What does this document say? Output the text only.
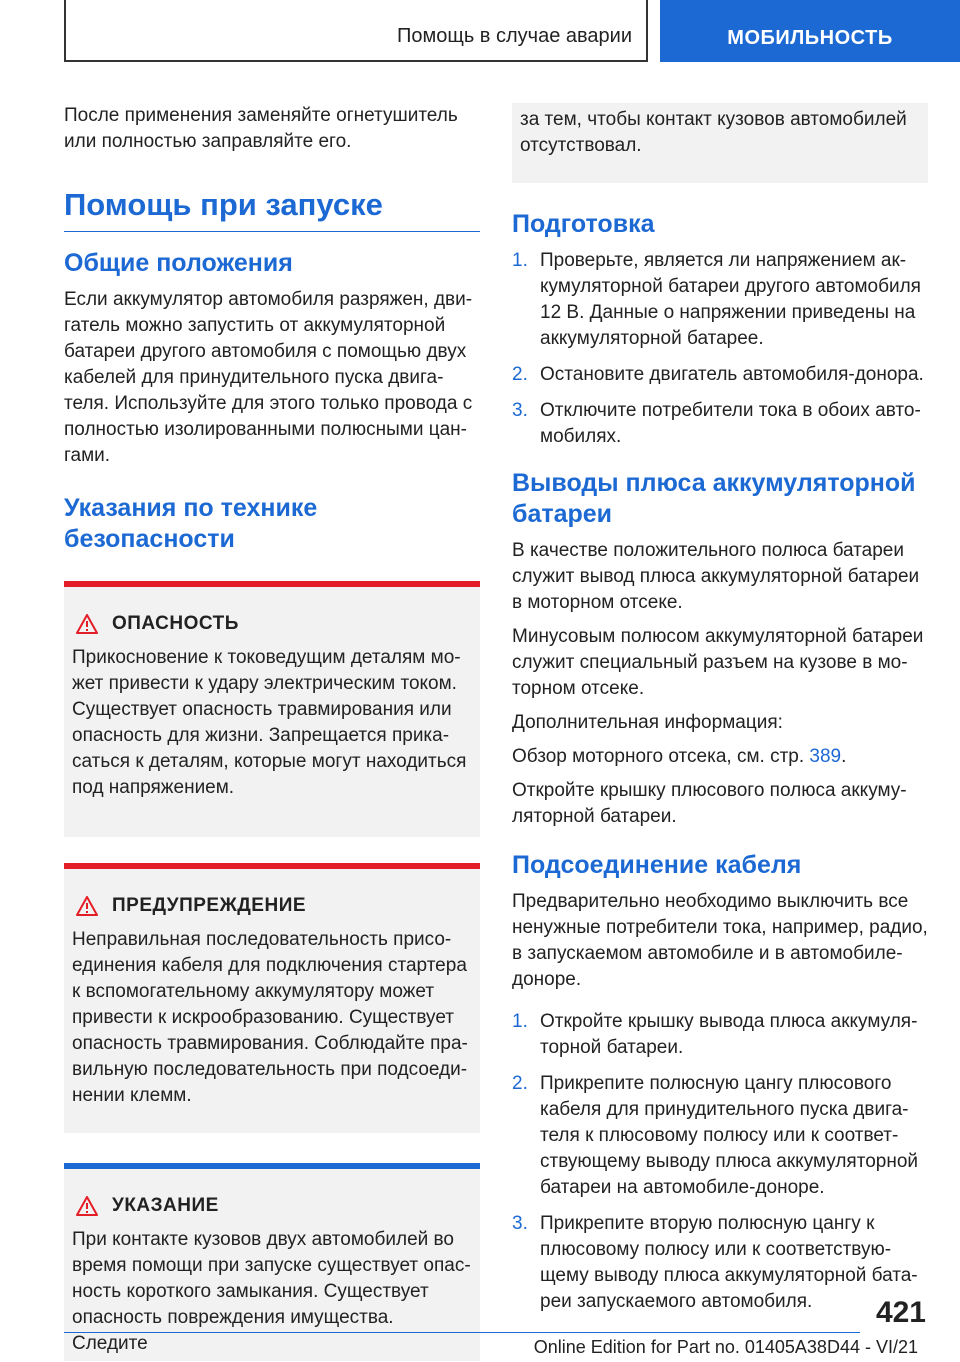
Помощь в случае аварии	МОБИЛЬНОСТЬ

После применения заменяйте огнетушитель или полностью заправляйте его.

Помощь при запуске
Общие положения

Если аккумулятор автомобиля разряжен, дви-гатель можно запустить от аккумуляторной батареи другого автомобиля с помощью двух кабелей для принудительного пуска двига-теля. Используйте для этого только провода с полностью изолированными полюсными цан-гами.

Указания по технике безопасности
ОПАСНОСТЬ

Прикосновение к токоведущим деталям мо-жет привести к удару электрическим током. Существует опасность травмирования или опасность для жизни. Запрещается прика-саться к деталям, которые могут находиться под напряжением.

ПРЕДУПРЕЖДЕНИЕ

Неправильная последовательность присо-единения кабеля для подключения стартера к вспомогательному аккумулятору может привести к искрообразованию. Существует опасность травмирования. Соблюдайте пра-вильную последовательность при подсоеди-нении клемм.

УКАЗАНИЕ

При контакте кузовов двух автомобилей во время помощи при запуске существует опас-ность короткого замыкания. Существует опасность повреждения имущества. Следите

за тем, чтобы контакт кузовов автомобилей отсутствовал.

Подготовка
1. Проверьте, является ли напряжением ак-кумуляторной батареи другого автомобиля 12 В. Данные о напряжении приведены на аккумуляторной батарее.
2. Остановите двигатель автомобиля-донора.
3. Отключите потребители тока в обоих авто-мобилях.
Выводы плюса аккумуляторной батареи

В качестве положительного полюса батареи служит вывод плюса аккумуляторной батареи в моторном отсеке.

Минусовым полюсом аккумуляторной батареи служит специальный разъем на кузове в мо-торном отсеке.

Дополнительная информация:

Обзор моторного отсека, см. стр. 389.

Откройте крышку плюсового полюса аккуму-ляторной батареи.

Подсоединение кабеля

Предварительно необходимо выключить все ненужные потребители тока, например, радио, в запускаемом автомобиле и в автомобиле-доноре.

1. Откройте крышку вывода плюса аккумуля-торной батареи.
2. Прикрепите полюсную цангу плюсового кабеля для принудительного пуска двига-теля к плюсовому полюсу или к соответ-ствующему выводу плюса аккумуляторной батареи на автомобиле-доноре.
3. Прикрепите вторую полюсную цангу к плюсовому полюсу или к соответствую-щему выводу плюса аккумуляторной бата-реи запускаемого автомобиля.	421
Online Edition for Part no. 01405A38D44 - VI/21
